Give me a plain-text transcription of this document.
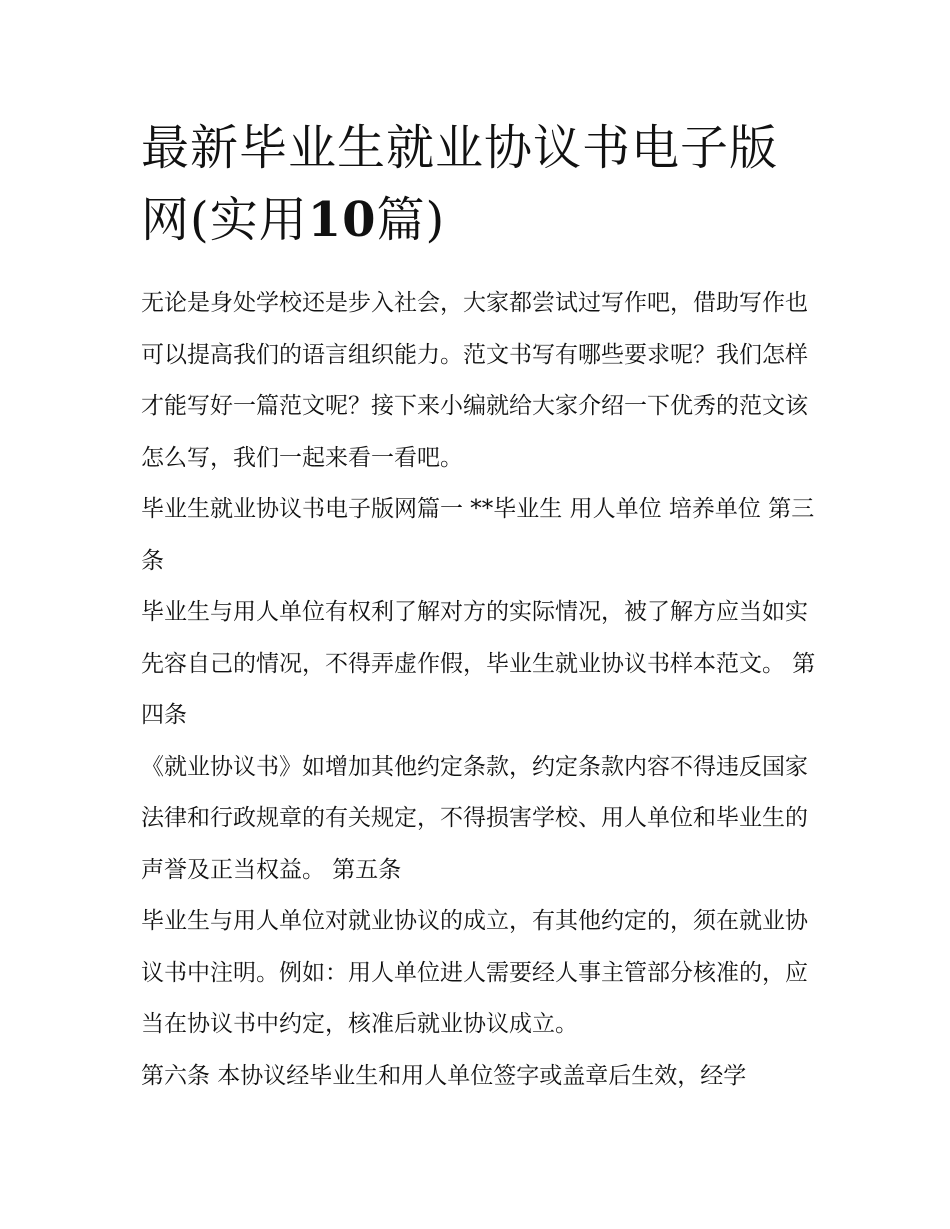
最新毕业生就业协议书电子版网(实用10篇)

无论是身处学校还是步入社会，大家都尝试过写作吧，借助写作也可以提高我们的语言组织能力。范文书写有哪些要求呢？我们怎样才能写好一篇范文呢？接下来小编就给大家介绍一下优秀的范文该怎么写，我们一起来看一看吧。

毕业生就业协议书电子版网篇一 **毕业生 用人单位 培养单位 第三条

毕业生与用人单位有权利了解对方的实际情况，被了解方应当如实先容自己的情况，不得弄虚作假，毕业生就业协议书样本范文。 第四条

《就业协议书》如增加其他约定条款，约定条款内容不得违反国家法律和行政规章的有关规定，不得损害学校、用人单位和毕业生的声誉及正当权益。 第五条

毕业生与用人单位对就业协议的成立，有其他约定的，须在就业协议书中注明。例如：用人单位进人需要经人事主管部分核准的，应当在协议书中约定，核准后就业协议成立。

第六条 本协议经毕业生和用人单位签字或盖章后生效，经学
